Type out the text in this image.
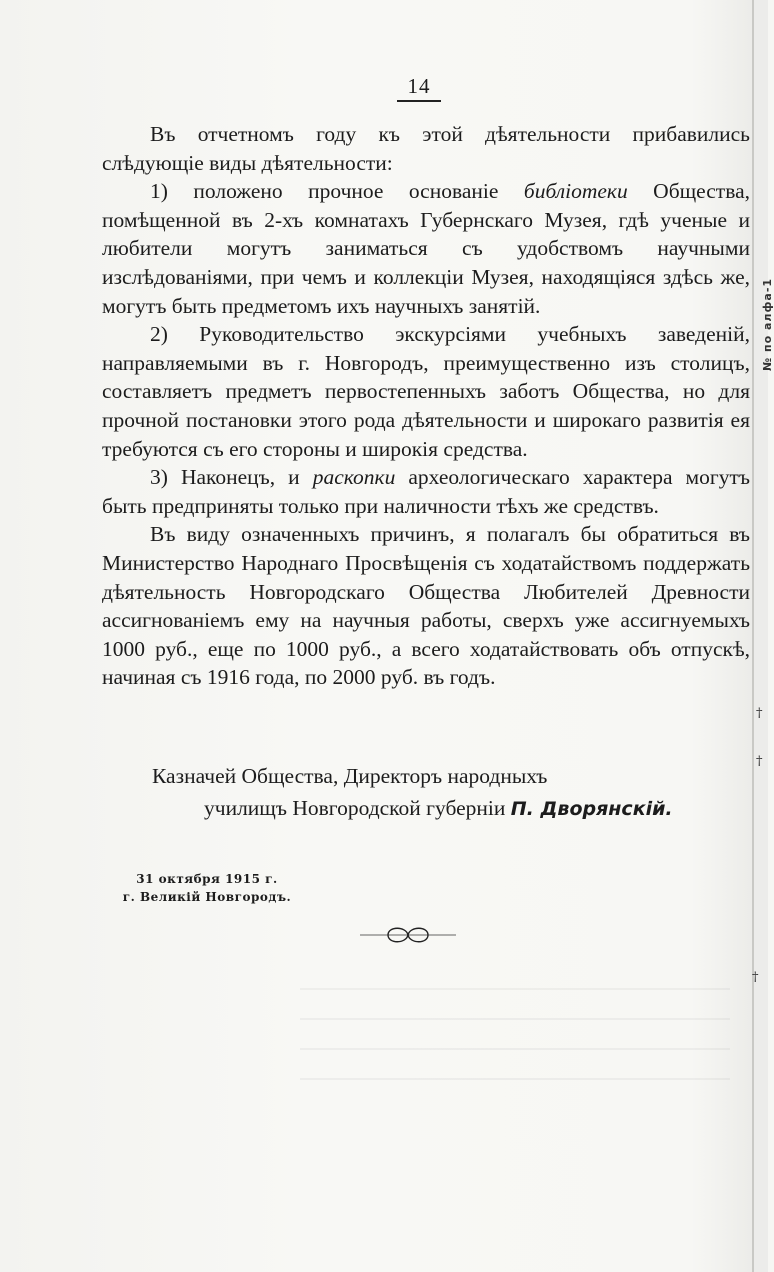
№ по алфа-1
†
†
†
14

Въ отчетномъ году къ этой дѣятельности прибавились слѣдующіе виды дѣятельности:

1) положено прочное основаніе библіотеки Общества, помѣщенной въ 2-хъ комнатахъ Губернскаго Музея, гдѣ ученые и любители могутъ заниматься съ удобствомъ научными изслѣдованіями, при чемъ и коллекціи Музея, находящіяся здѣсь же, могутъ быть предметомъ ихъ научныхъ занятій.

2) Руководительство экскурсіями учебныхъ заведеній, направляемыми въ г. Новгородъ, преимущественно изъ столицъ, составляетъ предметъ первостепенныхъ заботъ Общества, но для прочной постановки этого рода дѣятельности и широкаго развитія ея требуются съ его стороны и широкія средства.

3) Наконецъ, и раскопки археологическаго характера могутъ быть предприняты только при наличности тѣхъ же средствъ.

Въ виду означенныхъ причинъ, я полагалъ бы обратиться въ Министерство Народнаго Просвѣщенія съ ходатайствомъ поддержать дѣятельность Новгородскаго Общества Любителей Древности ассигнованіемъ ему на научныя работы, сверхъ уже ассигнуемыхъ 1000 руб., еще по 1000 руб., а всего ходатайствовать объ отпускѣ, начиная съ 1916 года, по 2000 руб. въ годъ.

Казначей Общества, Директоръ народныхъ
училищъ Новгородской губерніи П. Дворянскій.
31 октября 1915 г.
г. Великій Новгородъ.
